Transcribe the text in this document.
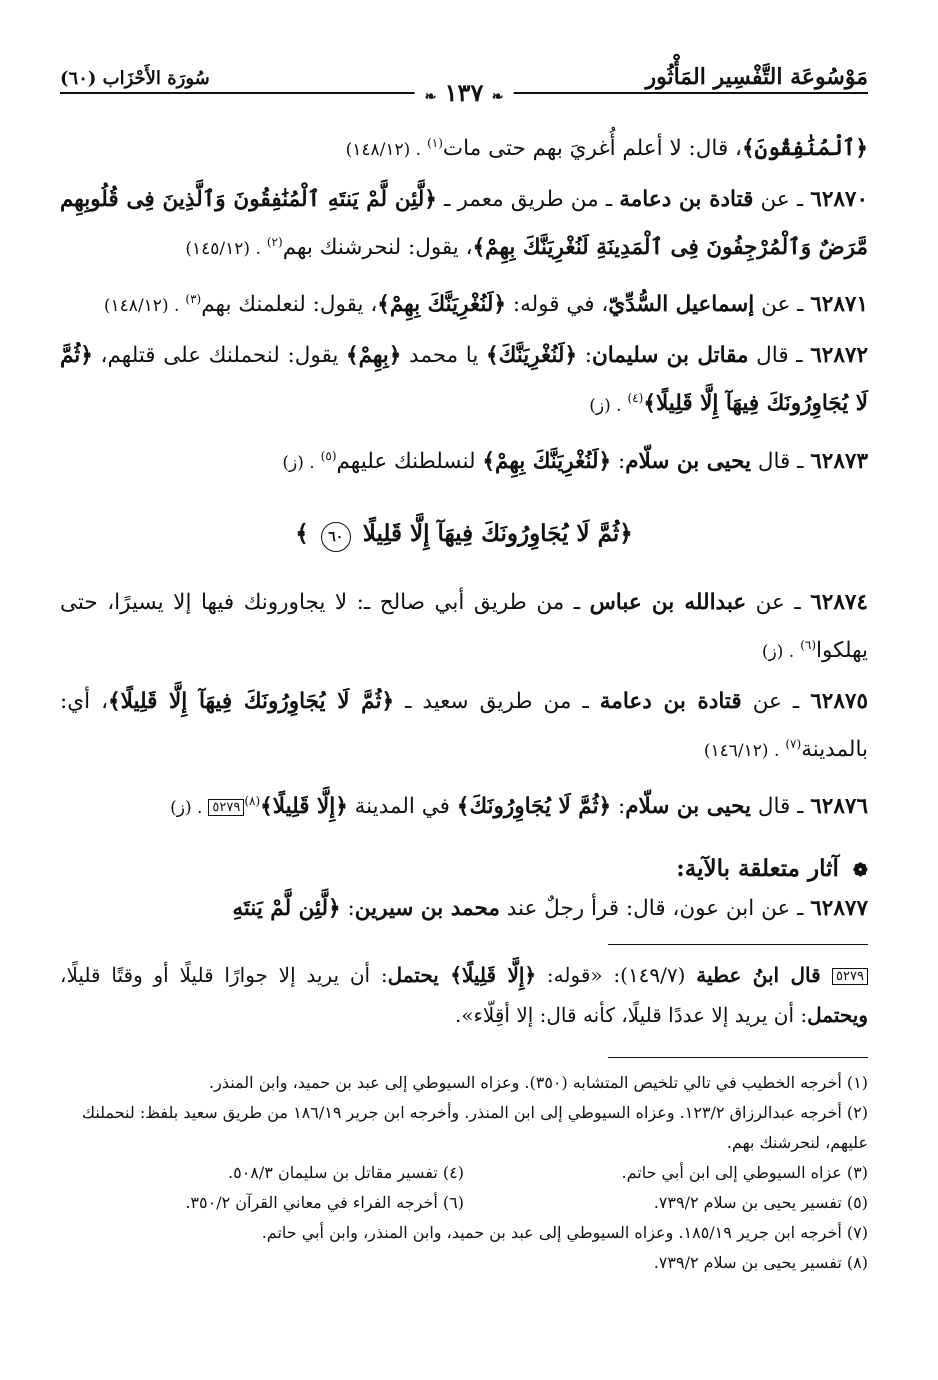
مَوْسُوعَة التَّفْسِير المَأْثُور
سُورَة الأَحْزَاب (٦٠)
❧ ١٣٧ ❧

﴿ٱلْمُنَٰفِقُونَ﴾، قال: لا أعلم أُغريَ بهم حتى مات$^{(١)}$. (١٤٨/١٢)

٦٢٨٧٠ ـ عن قتادة بن دعامة ـ من طريق معمر ـ ﴿لَّئِن لَّمْ يَنتَهِ ٱلْمُنَٰفِقُونَ وَٱلَّذِينَ فِى قُلُوبِهِم مَّرَضٌ وَٱلْمُرْجِفُونَ فِى ٱلْمَدِينَةِ لَنُغْرِيَنَّكَ بِهِمْ﴾، يقول: لنحرشنك بهم$^{(٢)}$. (١٤٥/١٢)

٦٢٨٧١ ـ عن إسماعيل السُّدِّيّ، في قوله: ﴿لَنُغْرِيَنَّكَ بِهِمْ﴾، يقول: لنعلمنك بهم$^{(٣)}$. (١٤٨/١٢)

٦٢٨٧٢ ـ قال مقاتل بن سليمان: ﴿لَنُغْرِيَنَّكَ﴾ يا محمد ﴿بِهِمْ﴾ يقول: لنحملنك على قتلهم، ﴿ثُمَّ لَا يُجَاوِرُونَكَ فِيهَآ إِلَّا قَلِيلًا﴾$^{(٤)}$. (ز)

٦٢٨٧٣ ـ قال يحيى بن سلّام: ﴿لَنُغْرِيَنَّكَ بِهِمْ﴾ لنسلطنك عليهم$^{(٥)}$. (ز)

﴿ثُمَّ لَا يُجَاوِرُونَكَ فِيهَآ إِلَّا قَلِيلًا ٦٠ ﴾

٦٢٨٧٤ ـ عن عبدالله بن عباس ـ من طريق أبي صالح ـ: لا يجاورونك فيها إلا يسيرًا، حتى يهلكوا$^{(٦)}$. (ز)

٦٢٨٧٥ ـ عن قتادة بن دعامة ـ من طريق سعيد ـ ﴿ثُمَّ لَا يُجَاوِرُونَكَ فِيهَآ إِلَّا قَلِيلًا﴾، أي: بالمدينة$^{(٧)}$. (١٤٦/١٢)

٦٢٨٧٦ ـ قال يحيى بن سلّام: ﴿ثُمَّ لَا يُجَاوِرُونَكَ﴾ في المدينة ﴿إِلَّا قَلِيلًا﴾$^{(٨)}$٥٢٧٩. (ز)

❁ آثار متعلقة بالآية:

٦٢٨٧٧ ـ عن ابن عون، قال: قرأ رجلٌ عند محمد بن سيرين: ﴿لَّئِن لَّمْ يَنتَهِ

٥٢٧٩ قال ابنُ عطية (١٤٩/٧): «قوله: ﴿إِلَّا قَلِيلًا﴾ يحتمل: أن يريد إلا جوارًا قليلًا أو وقتًا قليلًا، ويحتمل: أن يريد إلا عددًا قليلًا، كأنه قال: إلا أقِلّاء».

(١) أخرجه الخطيب في تالي تلخيص المتشابه (٣٥٠). وعزاه السيوطي إلى عبد بن حميد، وابن المنذر.

(٢) أخرجه عبدالرزاق ١٢٣/٢. وعزاه السيوطي إلى ابن المنذر. وأخرجه ابن جرير ١٨٦/١٩ من طريق سعيد بلفظ: لنحملنك عليهم، لنحرشنك بهم.

(٣) عزاه السيوطي إلى ابن أبي حاتم.
(٤) تفسير مقاتل بن سليمان ٥٠٨/٣.
(٥) تفسير يحيى بن سلام ٧٣٩/٢.
(٦) أخرجه الفراء في معاني القرآن ٣٥٠/٢.

(٧) أخرجه ابن جرير ١٨٥/١٩. وعزاه السيوطي إلى عبد بن حميد، وابن المنذر، وابن أبي حاتم.

(٨) تفسير يحيى بن سلام ٧٣٩/٢.
